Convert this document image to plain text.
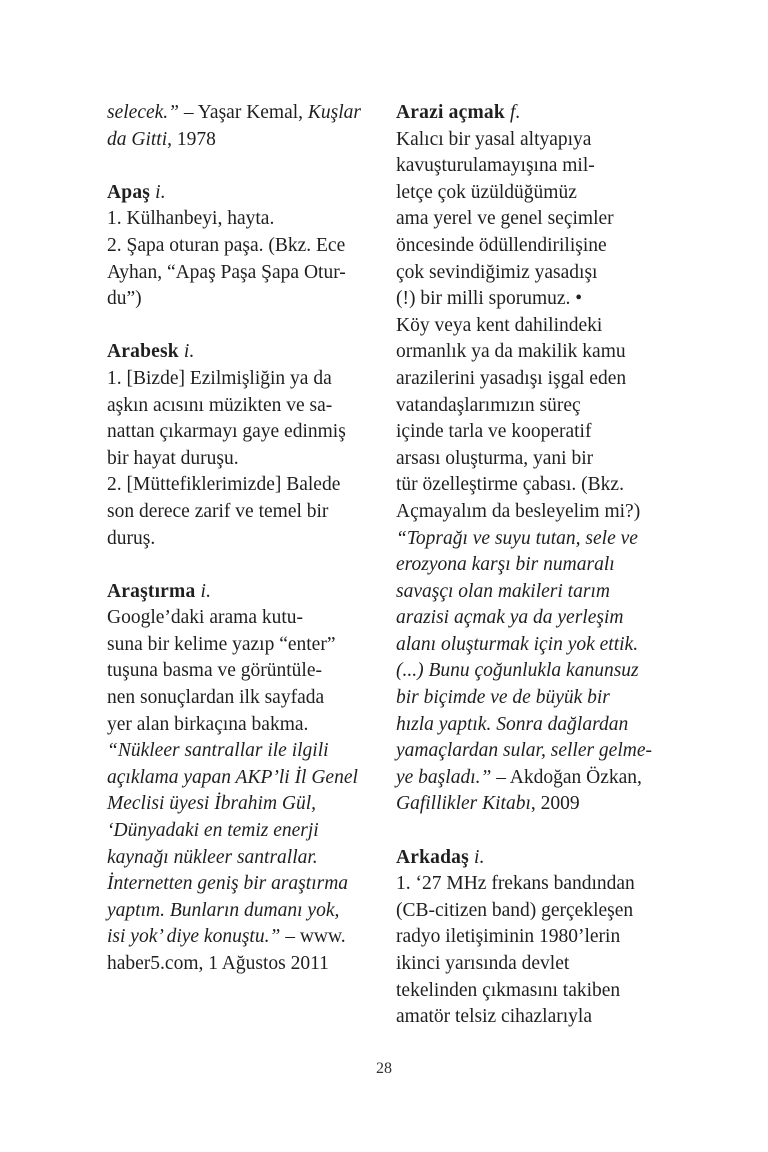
selecek.” – Yaşar Kemal, Kuşlar
da Gitti, 1978
Apaş i.
1. Külhanbeyi, hayta.
2. Şapa oturan paşa. (Bkz. Ece
Ayhan, “Apaş Paşa Şapa Otur-
du”)
Arabesk i.
1. [Bizde] Ezilmişliğin ya da
aşkın acısını müzikten ve sa-
nattan çıkarmayı gaye edinmiş
bir hayat duruşu.
2. [Müttefiklerimizde] Balede
son derece zarif ve temel bir
duruş.
Araştırma i.
Google’daki arama kutu-
suna bir kelime yazıp “enter”
tuşuna basma ve görüntüle-
nen sonuçlardan ilk sayfada
yer alan birkaçına bakma.
“Nükleer santrallar ile ilgili
açıklama yapan AKP’li İl Genel
Meclisi üyesi İbrahim Gül,
‘Dünyadaki en temiz enerji
kaynağı nükleer santrallar.
İnternetten geniş bir araştırma
yaptım. Bunların dumanı yok,
isi yok’ diye konuştu.” – www.
haber5.com, 1 Ağustos 2011
Arazi açmak f.
Kalıcı bir yasal altyapıya
kavuşturulamayışına mil-
letçe çok üzüldüğümüz
ama yerel ve genel seçimler
öncesinde ödüllendirilişine
çok sevindiğimiz yasadışı
(!) bir milli sporumuz. •
Köy veya kent dahilindeki
ormanlık ya da makilik kamu
arazilerini yasadışı işgal eden
vatandaşlarımızın süreç
içinde tarla ve kooperatif
arsası oluşturma, yani bir
tür özelleştirme çabası. (Bkz.
Açmayalım da besleyelim mi?)
“Toprağı ve suyu tutan, sele ve
erozyona karşı bir numaralı
savaşçı olan makileri tarım
arazisi açmak ya da yerleşim
alanı oluşturmak için yok ettik.
(...) Bunu çoğunlukla kanunsuz
bir biçimde ve de büyük bir
hızla yaptık. Sonra dağlardan
yamaçlardan sular, seller gelme-
ye başladı.” – Akdoğan Özkan,
Gafillikler Kitabı, 2009
Arkadaş i.
1. ‘27 MHz frekans bandından
(CB-citizen band) gerçekleşen
radyo iletişiminin 1980’lerin
ikinci yarısında devlet
tekelinden çıkmasını takiben
amatör telsiz cihazlarıyla
28
